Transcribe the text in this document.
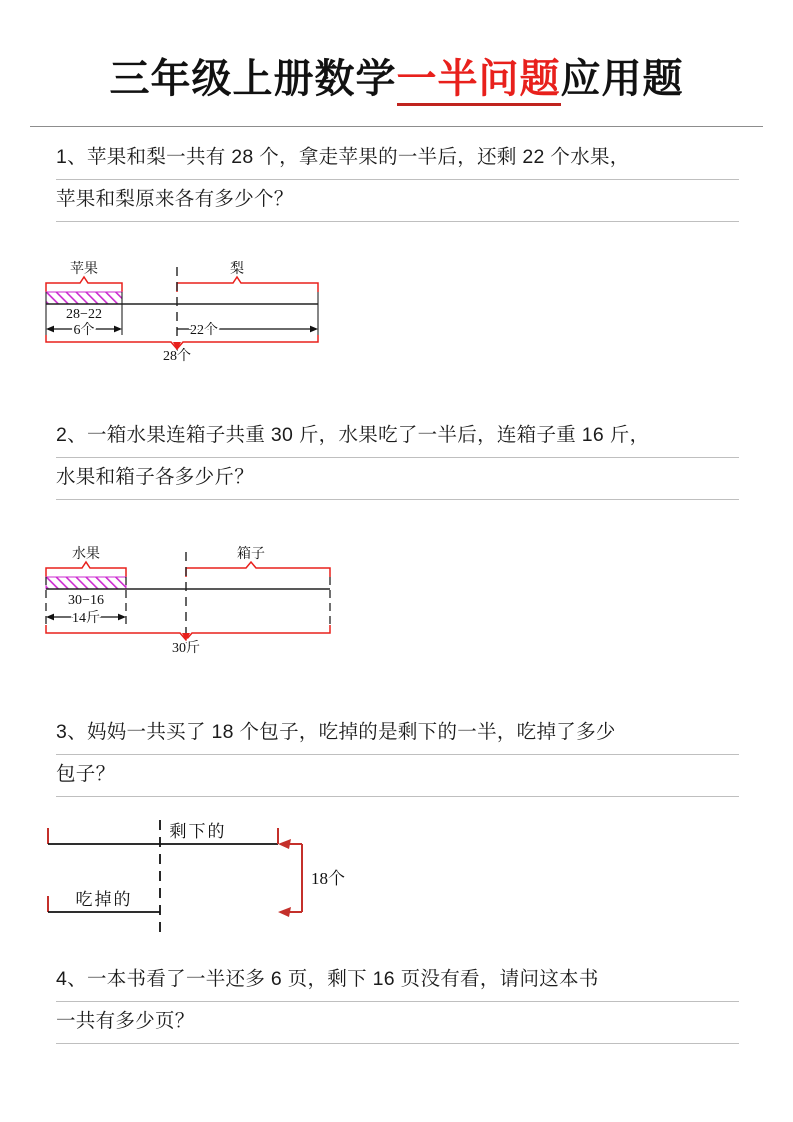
三年级上册数学一半问题应用题
1、苹果和梨一共有 28 个，拿走苹果的一半后，还剩 22 个水果，
苹果和梨原来各有多少个？
苹果	梨
28−22
6个	22个
28个
2、一箱水果连箱子共重 30 斤，水果吃了一半后，连箱子重 16 斤，
水果和箱子各多少斤？
水果	箱子
30−16
14斤
30斤
3、妈妈一共买了 18 个包子，吃掉的是剩下的一半，吃掉了多少
包子？
剩下的
吃掉的
18个
4、一本书看了一半还多 6 页，剩下 16 页没有看，请问这本书
一共有多少页？
